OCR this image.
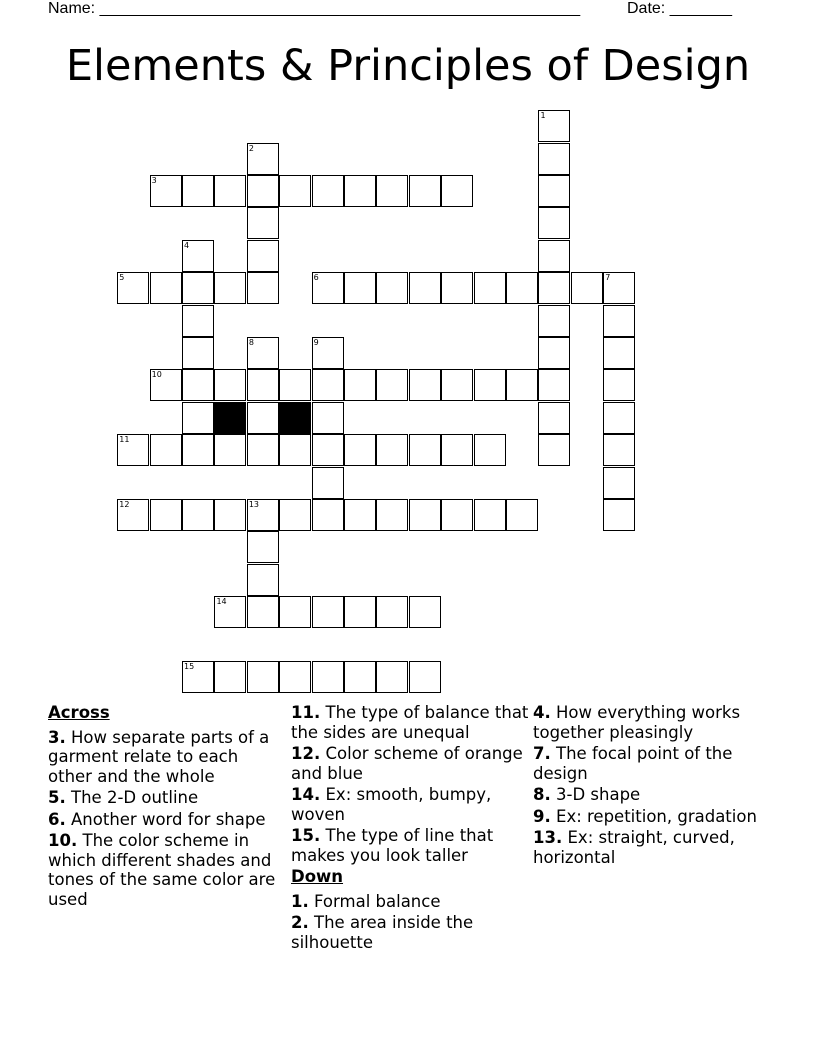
Name: ______________________________________________________	Date: _______
Elements & Principles of Design
1
2
3
4
5	6	7
8	9
10
11
12	13
14
15
Across
3 . How separate parts of a garment relate to each other and the whole
5 . The 2-D outline
6 . Another word for shape
10 . The color scheme in which different shades and tones of the same color are used
11 . The type of balance that the sides are unequal
12 . Color scheme of orange and blue
14 . Ex: smooth, bumpy, woven
15 . The type of line that makes you look taller
Down
1 . Formal balance
2 . The area inside the silhouette
4 . How everything works together pleasingly
7 . The focal point of the design
8 . 3-D shape
9 . Ex: repetition, gradation
13 . Ex: straight, curved, horizontal
